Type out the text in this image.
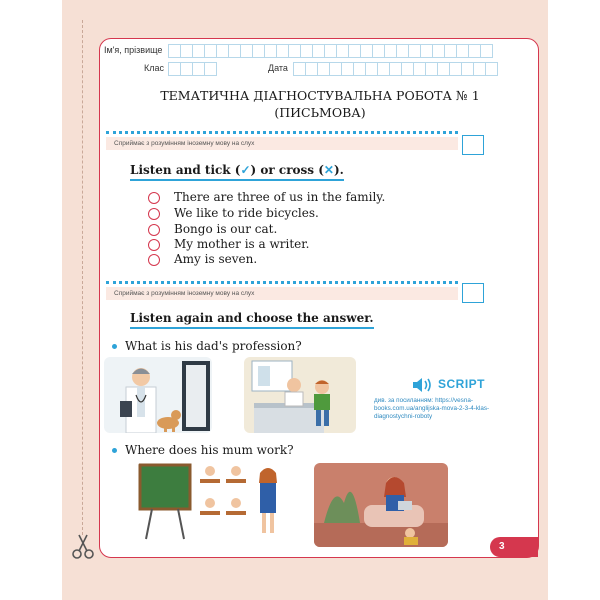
Ім'я, прізвище
Клас	Дата
ТЕМАТИЧНА ДІАГНОСТУВАЛЬНА РОБОТА № 1
(ПИСЬМОВА)
Сприймає з розумінням іноземну мову на слух
Listen and tick (✓) or cross (✕).
There are three of us in the family.
We like to ride bicycles.
Bongo is our cat.
My mother is a writer.
Amy is seven.
Сприймає з розумінням іноземну мову на слух
Listen again and choose the answer.
What is his dad's profession?
SCRIPT
див. за посиланням: https://vesna-books.com.ua/anglijska-mova-2-3-4-klas-diagnostychni-roboty
Where does his mum work?
3
